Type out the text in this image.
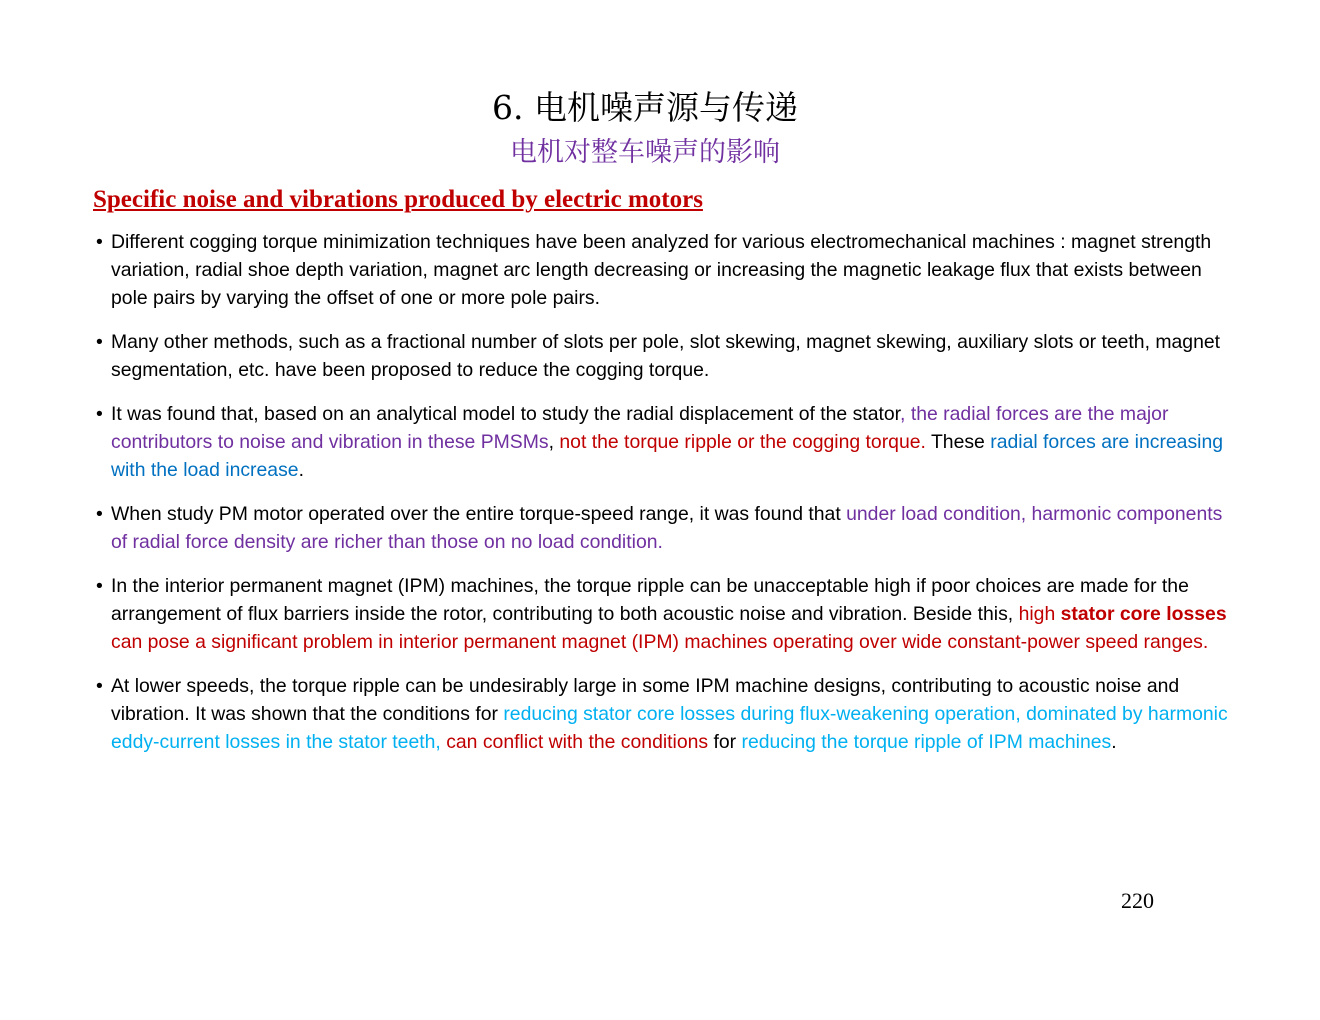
6. 电机噪声源与传递
电机对整车噪声的影响
Specific noise and vibrations produced by electric motors
• Different cogging torque minimization techniques have been analyzed for various electromechanical machines : magnet strength variation, radial shoe depth variation, magnet arc length decreasing or increasing the magnetic leakage flux that exists between pole pairs by varying the offset of one or more pole pairs.
• Many other methods, such as a fractional number of slots per pole, slot skewing, magnet skewing, auxiliary slots or teeth, magnet segmentation, etc. have been proposed to reduce the cogging torque.
• It was found that, based on an analytical model to study the radial displacement of the stator, the radial forces are the major contributors to noise and vibration in these PMSMs, not the torque ripple or the cogging torque. These radial forces are increasing with the load increase.
• When study PM motor operated over the entire torque-speed range, it was found that under load condition, harmonic components of radial force density are richer than those on no load condition.
• In the interior permanent magnet (IPM) machines, the torque ripple can be unacceptable high if poor choices are made for the arrangement of flux barriers inside the rotor, contributing to both acoustic noise and vibration. Beside this, high stator core losses can pose a significant problem in interior permanent magnet (IPM) machines operating over wide constant-power speed ranges.
• At lower speeds, the torque ripple can be undesirably large in some IPM machine designs, contributing to acoustic noise and vibration. It was shown that the conditions for reducing stator core losses during flux-weakening operation, dominated by harmonic eddy-current losses in the stator teeth, can conflict with the conditions for reducing the torque ripple of IPM machines.
220
